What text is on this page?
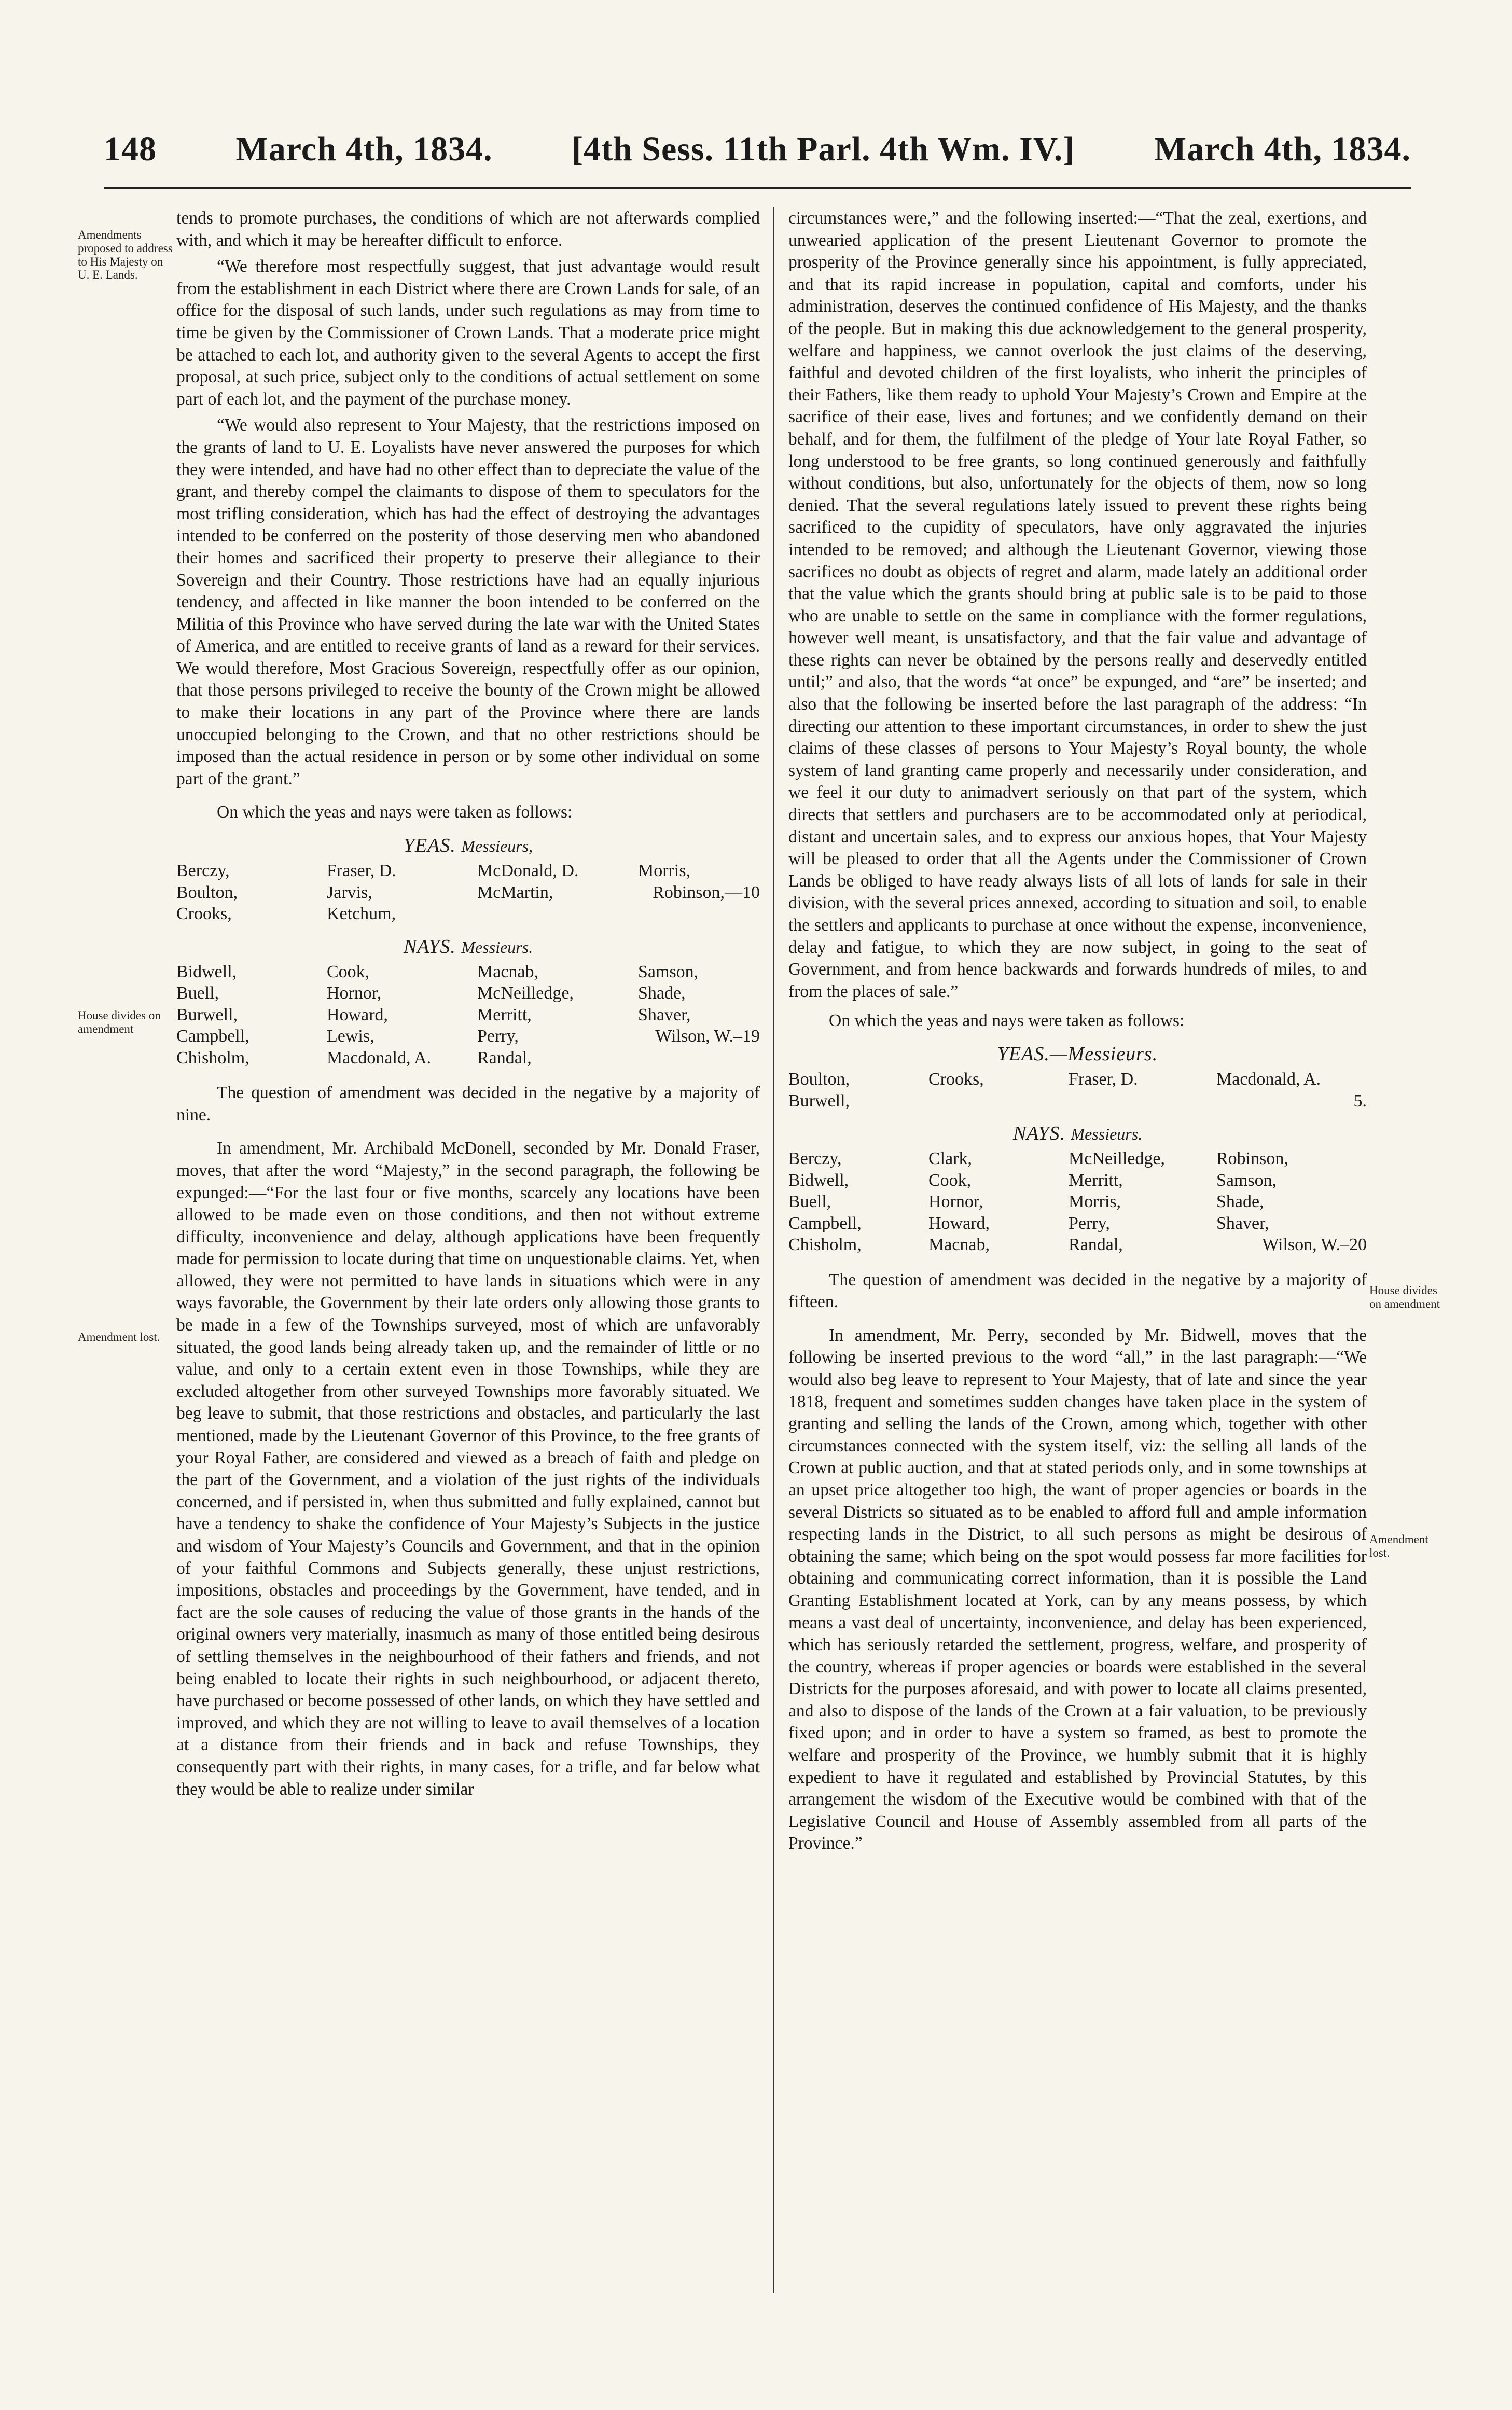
148 March 4th, 1834. [4th Sess. 11th Parl. 4th Wm. IV.] March 4th, 1834.
Amendments proposed to address to His Majesty on U. E. Lands.
House divides on amendment
Amendment lost.
House divides on amendment
Amendment lost.

tends to promote purchases, the conditions of which are not afterwards complied with, and which it may be hereafter difficult to enforce.

“We therefore most respectfully suggest, that just advantage would result from the establishment in each District where there are Crown Lands for sale, of an office for the disposal of such lands, under such regulations as may from time to time be given by the Commissioner of Crown Lands. That a moderate price might be attached to each lot, and authority given to the several Agents to accept the first proposal, at such price, subject only to the conditions of actual settlement on some part of each lot, and the payment of the purchase money.

“We would also represent to Your Majesty, that the restrictions imposed on the grants of land to U. E. Loyalists have never answered the purposes for which they were intended, and have had no other effect than to depreciate the value of the grant, and thereby compel the claimants to dispose of them to speculators for the most trifling consideration, which has had the effect of destroying the advantages intended to be conferred on the posterity of those deserving men who abandoned their homes and sacrificed their property to preserve their allegiance to their Sovereign and their Country. Those restrictions have had an equally injurious tendency, and affected in like manner the boon intended to be conferred on the Militia of this Province who have served during the late war with the United States of America, and are entitled to receive grants of land as a reward for their services. We would therefore, Most Gracious Sovereign, respectfully offer as our opinion, that those persons privileged to receive the bounty of the Crown might be allowed to make their locations in any part of the Province where there are lands unoccupied belonging to the Crown, and that no other restrictions should be imposed than the actual residence in person or by some other individual on some part of the grant.”

On which the yeas and nays were taken as follows:

YEAS. Messieurs,
Berczy,	Fraser, D.	McDonald, D.	Morris,
Boulton,	Jarvis,	McMartin,	Robinson,—10
Crooks,	Ketchum,
NAYS. Messieurs.
Bidwell,	Cook,	Macnab,	Samson,
Buell,	Hornor,	McNeilledge,	Shade,
Burwell,	Howard,	Merritt,	Shaver,
Campbell,	Lewis,	Perry,	Wilson, W.–19
Chisholm,	Macdonald, A.	Randal,

The question of amendment was decided in the negative by a majority of nine.

In amendment, Mr. Archibald McDonell, seconded by Mr. Donald Fraser, moves, that after the word “Majesty,” in the second paragraph, the following be expunged:—“For the last four or five months, scarcely any locations have been allowed to be made even on those conditions, and then not without extreme difficulty, inconvenience and delay, although applications have been frequently made for permission to locate during that time on unquestionable claims. Yet, when allowed, they were not permitted to have lands in situations which were in any ways favorable, the Government by their late orders only allowing those grants to be made in a few of the Townships surveyed, most of which are unfavorably situated, the good lands being already taken up, and the remainder of little or no value, and only to a certain extent even in those Townships, while they are excluded altogether from other surveyed Townships more favorably situated. We beg leave to submit, that those restrictions and obstacles, and particularly the last mentioned, made by the Lieutenant Governor of this Province, to the free grants of your Royal Father, are considered and viewed as a breach of faith and pledge on the part of the Government, and a violation of the just rights of the individuals concerned, and if persisted in, when thus submitted and fully explained, cannot but have a tendency to shake the confidence of Your Majesty’s Subjects in the justice and wisdom of Your Majesty’s Councils and Government, and that in the opinion of your faithful Commons and Subjects generally, these unjust restrictions, impositions, obstacles and proceedings by the Government, have tended, and in fact are the sole causes of reducing the value of those grants in the hands of the original owners very materially, inasmuch as many of those entitled being desirous of settling themselves in the neighbourhood of their fathers and friends, and not being enabled to locate their rights in such neighbourhood, or adjacent thereto, have purchased or become possessed of other lands, on which they have settled and improved, and which they are not willing to leave to avail themselves of a location at a distance from their friends and in back and refuse Townships, they consequently part with their rights, in many cases, for a trifle, and far below what they would be able to realize under similar

circumstances were,” and the following inserted:—“That the zeal, exertions, and unwearied application of the present Lieutenant Governor to promote the prosperity of the Province generally since his appointment, is fully appreciated, and that its rapid increase in population, capital and comforts, under his administration, deserves the continued confidence of His Majesty, and the thanks of the people. But in making this due acknowledgement to the general prosperity, welfare and happiness, we cannot overlook the just claims of the deserving, faithful and devoted children of the first loyalists, who inherit the principles of their Fathers, like them ready to uphold Your Majesty’s Crown and Empire at the sacrifice of their ease, lives and fortunes; and we confidently demand on their behalf, and for them, the fulfilment of the pledge of Your late Royal Father, so long understood to be free grants, so long continued generously and faithfully without conditions, but also, unfortunately for the objects of them, now so long denied. That the several regulations lately issued to prevent these rights being sacrificed to the cupidity of speculators, have only aggravated the injuries intended to be removed; and although the Lieutenant Governor, viewing those sacrifices no doubt as objects of regret and alarm, made lately an additional order that the value which the grants should bring at public sale is to be paid to those who are unable to settle on the same in compliance with the former regulations, however well meant, is unsatisfactory, and that the fair value and advantage of these rights can never be obtained by the persons really and deservedly entitled until;” and also, that the words “at once” be expunged, and “are” be inserted; and also that the following be inserted before the last paragraph of the address: “In directing our attention to these important circumstances, in order to shew the just claims of these classes of persons to Your Majesty’s Royal bounty, the whole system of land granting came properly and necessarily under consideration, and we feel it our duty to animadvert seriously on that part of the system, which directs that settlers and purchasers are to be accommodated only at periodical, distant and uncertain sales, and to express our anxious hopes, that Your Majesty will be pleased to order that all the Agents under the Commissioner of Crown Lands be obliged to have ready always lists of all lots of lands for sale in their division, with the several prices annexed, according to situation and soil, to enable the settlers and applicants to purchase at once without the expense, inconvenience, delay and fatigue, to which they are now subject, in going to the seat of Government, and from hence backwards and forwards hundreds of miles, to and from the places of sale.”

On which the yeas and nays were taken as follows:

YEAS.—Messieurs.
Boulton,	Crooks,	Fraser, D.	Macdonald, A.
Burwell,	5.
NAYS. Messieurs.
Berczy,	Clark,	McNeilledge,	Robinson,
Bidwell,	Cook,	Merritt,	Samson,
Buell,	Hornor,	Morris,	Shade,
Campbell,	Howard,	Perry,	Shaver,
Chisholm,	Macnab,	Randal,	Wilson, W.–20

The question of amendment was decided in the negative by a majority of fifteen.

In amendment, Mr. Perry, seconded by Mr. Bidwell, moves that the following be inserted previous to the word “all,” in the last paragraph:—“We would also beg leave to represent to Your Majesty, that of late and since the year 1818, frequent and sometimes sudden changes have taken place in the system of granting and selling the lands of the Crown, among which, together with other circumstances connected with the system itself, viz: the selling all lands of the Crown at public auction, and that at stated periods only, and in some townships at an upset price altogether too high, the want of proper agencies or boards in the several Districts so situated as to be enabled to afford full and ample information respecting lands in the District, to all such persons as might be desirous of obtaining the same; which being on the spot would possess far more facilities for obtaining and communicating correct information, than it is possible the Land Granting Establishment located at York, can by any means possess, by which means a vast deal of uncertainty, inconvenience, and delay has been experienced, which has seriously retarded the settlement, progress, welfare, and prosperity of the country, whereas if proper agencies or boards were established in the several Districts for the purposes aforesaid, and with power to locate all claims presented, and also to dispose of the lands of the Crown at a fair valuation, to be previously fixed upon; and in order to have a system so framed, as best to promote the welfare and prosperity of the Province, we humbly submit that it is highly expedient to have it regulated and established by Provincial Statutes, by this arrangement the wisdom of the Executive would be combined with that of the Legislative Council and House of Assembly assembled from all parts of the Province.”
